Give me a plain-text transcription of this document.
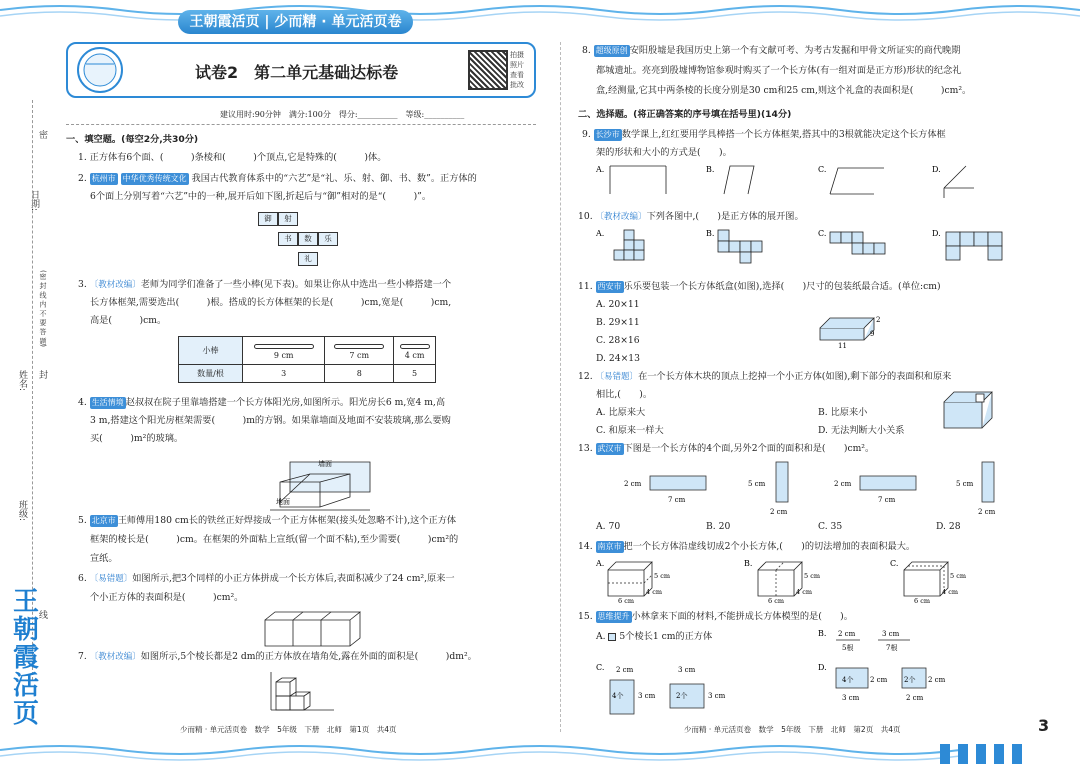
王朝霞活页 | 少而精 · 单元活页卷
日期:
密
封
线
(密 封 线 内 不 要 答 题)
姓名:
班级:
王朝霞活页
试卷2　第二单元基础达标卷
拍摄照片查看批改
建议用时:90分钟　满分:100分　得分:__________　等级:__________
一、填空题。(每空2分,共30分)
1. 正方体有6个面、(　　　)条棱和(　　　)个顶点,它是特殊的(　　　)体。
2. 杭州市 中华优秀传统文化 我国古代教育体系中的“六艺”是“礼、乐、射、御、书、数”。正方体的
6个面上分别写着“六艺”中的一种,展开后如下图,折起后与“御”相对的是“(　　　)”。
御	射
书	数	乐
礼
3. 〔教材改编〕老师为同学们准备了一些小棒(见下表)。如果让你从中选出一些小棒搭建一个
长方体框架,需要选出(　　　)根。搭成的长方体框架的长是(　　　)cm,宽是(　　　)cm,
高是(　　　)cm。
小棒	9 cm	7 cm	4 cm
数量/根	3	8	5
4. 生活情境 赵叔叔在院子里靠墙搭建一个长方体阳光房,如图所示。阳光房长6 m,宽4 m,高
3 m,搭建这个阳光房框架需要(　　　)m的方钢。如果靠墙面及地面不安装玻璃,那么要购
买(　　　)m²的玻璃。
墙面
地面
5. 北京市 王师傅用180 cm长的铁丝正好焊接成一个正方体框架(接头处忽略不计),这个正方体
框架的棱长是(　　　)cm。在框架的外面粘上宣纸(留一个面不粘),至少需要(　　　)cm²的
宣纸。
6. 〔易错题〕如图所示,把3个同样的小正方体拼成一个长方体后,表面积减少了24 cm²,原来一
个小正方体的表面积是(　　　)cm²。
7. 〔教材改编〕如图所示,5个棱长都是2 dm的正方体放在墙角处,露在外面的面积是(　　　)dm²。
少而精 · 单元活页卷　数学　5年级　下册　北师　第1页　共4页
8. 超级原创 安阳殷墟是我国历史上第一个有文献可考、为考古发掘和甲骨文所证实的商代晚期
都城遗址。亮亮到殷墟博物馆参观时购买了一个长方体(有一组对面是正方形)形状的纪念礼
盒,经测量,它其中两条棱的长度分别是30 cm和25 cm,则这个礼盒的表面积是(　　　)cm²。
二、选择题。(将正确答案的序号填在括号里)(14分)
9. 长沙市 数学课上,红红要用学具棒搭一个长方体框架,搭其中的3根就能决定这个长方体框
架的形状和大小的方式是(　　)。
A.	B.	C.	D.
10. 〔教材改编〕下列各图中,(　　)是正方体的展开图。
A.	B.	C.	D.
11. 西安市 乐乐要包装一个长方体纸盒(如图),选择(　　)尺寸的包装纸最合适。(单位:cm)
A. 20×11
B. 29×11
C. 28×16
D. 24×13
2
9
11
12. 〔易错题〕在一个长方体木块的顶点上挖掉一个小正方体(如图),剩下部分的表面积和原来
相比,(　　)。
A. 比原来大	B. 比原来小
C. 和原来一样大	D. 无法判断大小关系
13. 武汉市 下图是一个长方体的4个面,另外2个面的面积和是(　　)cm²。
2 cm
7 cm
5 cm
2 cm
2 cm
7 cm
5 cm
2 cm
A. 70	B. 20	C. 35	D. 28
14. 南京市 把一个长方体沿虚线切成2个小长方体,(　　)的切法增加的表面积最大。
A.
5 cm
4 cm
6 cm
B.
5 cm
4 cm
6 cm
C.
5 cm
4 cm
6 cm
15. 思维提升 小林拿来下面的材料,不能拼成长方体模型的是(　　)。
A. 5个棱长1 cm的正方体	B. 2 cm
5根
3 cm
7根
C. 2 cm	3 cm
4个 3 cm	2个	3 cm
D.
4个 2 cm 2个 2 cm
3 cm	2 cm
少而精 · 单元活页卷　数学　5年级　下册　北师　第2页　共4页	3
